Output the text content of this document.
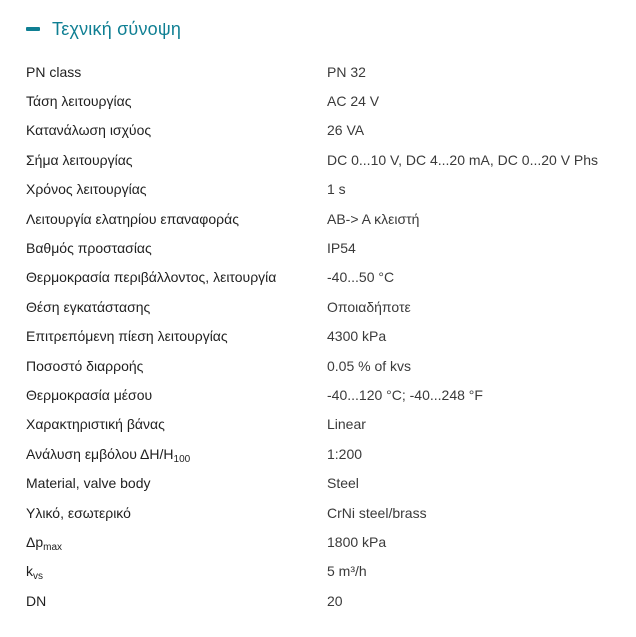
Τεχνική σύνοψη
PN class	PN 32
Τάση λειτουργίας	AC 24 V
Κατανάλωση ισχύος	26 VA
Σήμα λειτουργίας	DC 0...10 V, DC 4...20 mA, DC 0...20 V Phs
Χρόνος λειτουργίας	1 s
Λειτουργία ελατηρίου επαναφοράς	AB-> A κλειστή
Βαθμός προστασίας	IP54
Θερμοκρασία περιβάλλοντος, λειτουργία	-40...50 °C
Θέση εγκατάστασης	Οποιαδήποτε
Επιτρεπόμενη πίεση λειτουργίας	4300 kPa
Ποσοστό διαρροής	0.05 % of kvs
Θερμοκρασία μέσου	-40...120 °C; -40...248 °F
Χαρακτηριστική βάνας	Linear
Ανάλυση εμβόλου $\Delta H/H_{100}$	1:200
Material, valve body	Steel
Υλικό, εσωτερικό	CrNi steel/brass
$\Delta p_{max}$	1800 kPa
$k_{vs}$	5 m³/h
DN	20
